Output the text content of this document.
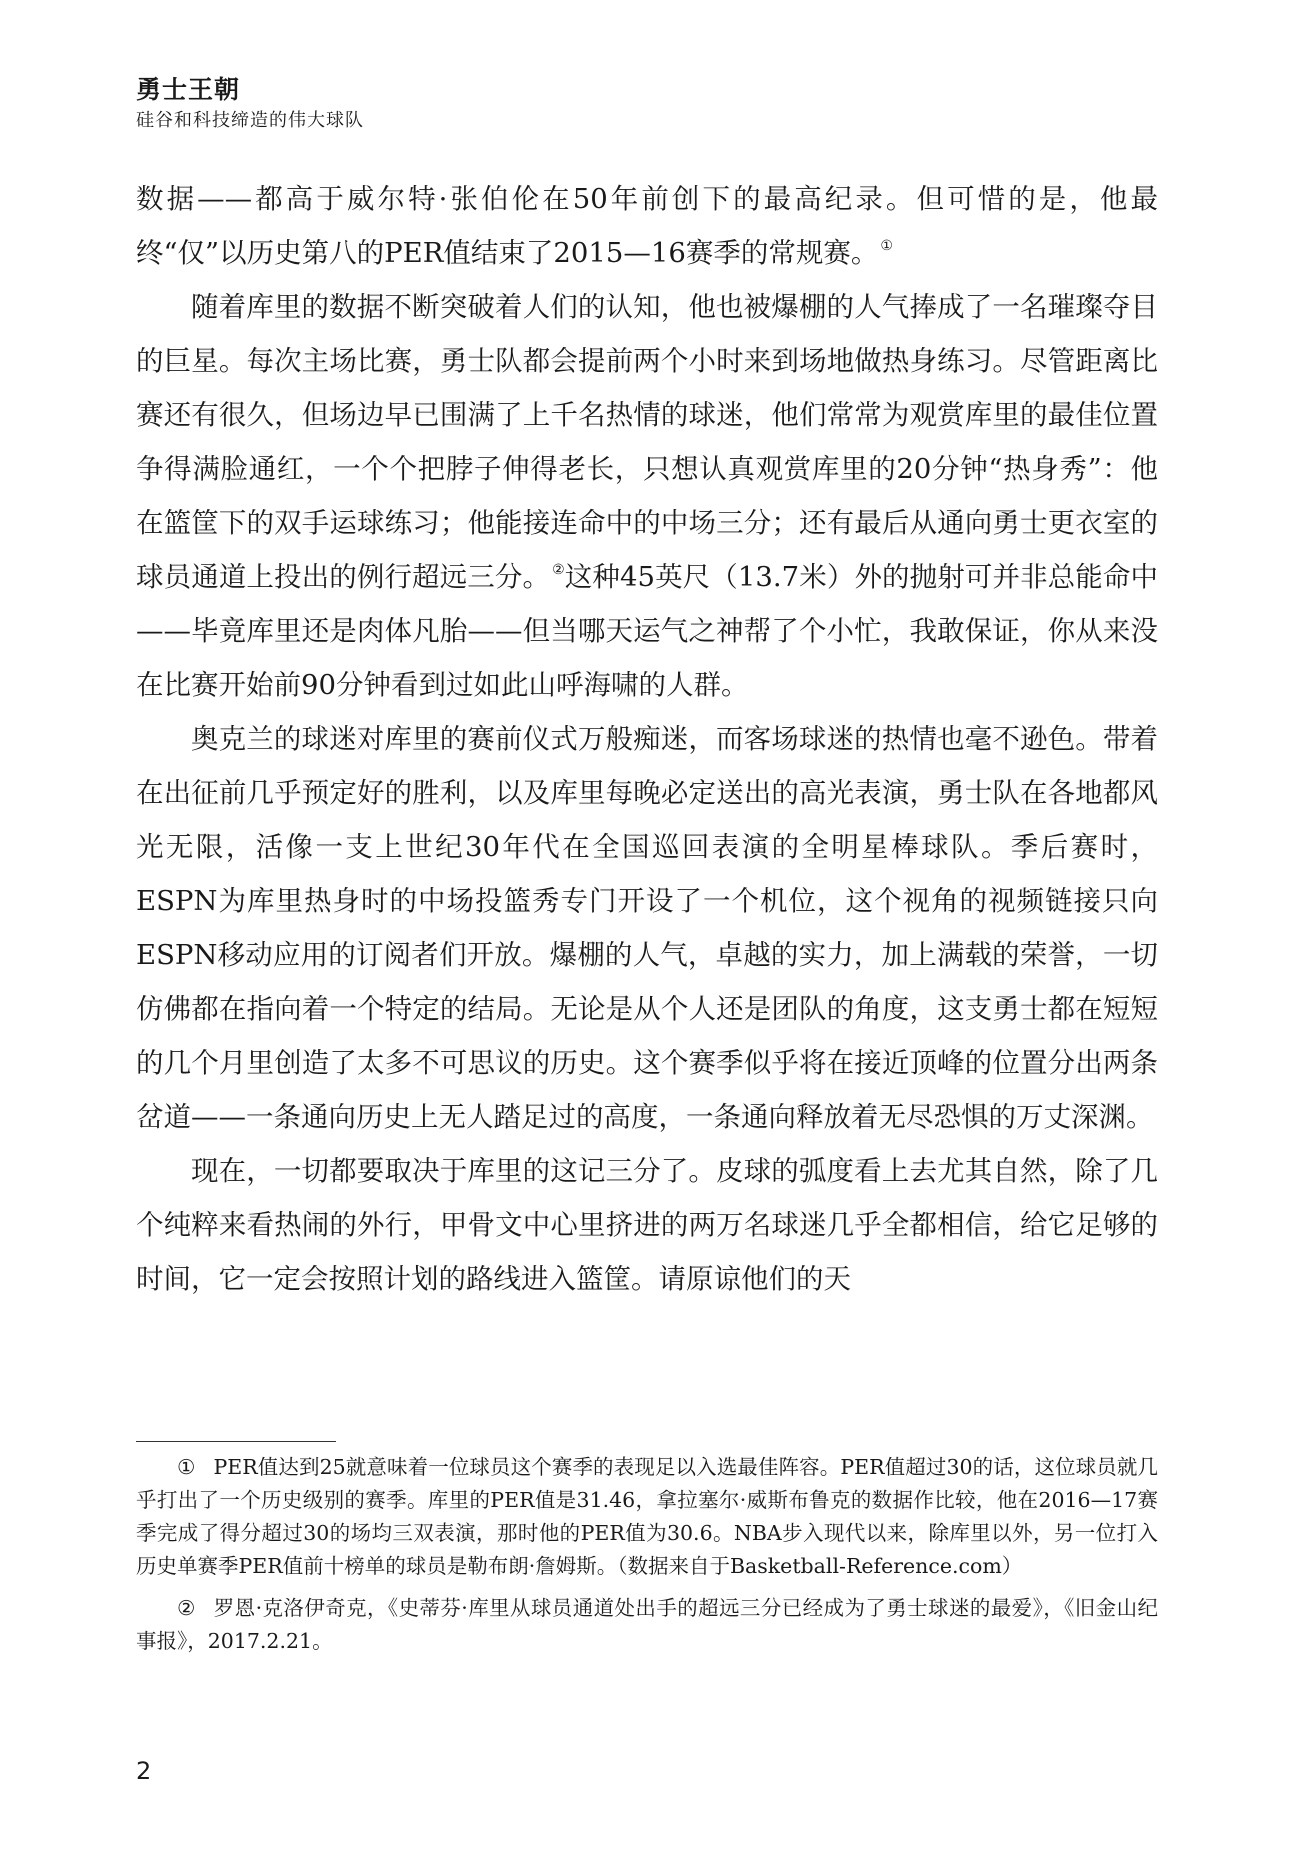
勇士王朝
硅谷和科技缔造的伟大球队

数据——都高于威尔特·张伯伦在50年前创下的最高纪录。但可惜的是，他最终“仅”以历史第八的PER值结束了2015—16赛季的常规赛。 ①

随着库里的数据不断突破着人们的认知，他也被爆棚的人气捧成了一名璀璨夺目的巨星。每次主场比赛，勇士队都会提前两个小时来到场地做热身练习。尽管距离比赛还有很久，但场边早已围满了上千名热情的球迷，他们常常为观赏库里的最佳位置争得满脸通红，一个个把脖子伸得老长，只想认真观赏库里的20分钟“热身秀”：他在篮筐下的双手运球练习；他能接连命中的中场三分；还有最后从通向勇士更衣室的球员通道上投出的例行超远三分。 ②这种45英尺（13.7米）外的抛射可并非总能命中——毕竟库里还是肉体凡胎——但当哪天运气之神帮了个小忙，我敢保证，你从来没在比赛开始前90分钟看到过如此山呼海啸的人群。

奥克兰的球迷对库里的赛前仪式万般痴迷，而客场球迷的热情也毫不逊色。带着在出征前几乎预定好的胜利，以及库里每晚必定送出的高光表演，勇士队在各地都风光无限，活像一支上世纪30年代在全国巡回表演的全明星棒球队。季后赛时，ESPN为库里热身时的中场投篮秀专门开设了一个机位，这个视角的视频链接只向ESPN移动应用的订阅者们开放。爆棚的人气，卓越的实力，加上满载的荣誉，一切仿佛都在指向着一个特定的结局。无论是从个人还是团队的角度，这支勇士都在短短的几个月里创造了太多不可思议的历史。这个赛季似乎将在接近顶峰的位置分出两条岔道——一条通向历史上无人踏足过的高度，一条通向释放着无尽恐惧的万丈深渊。

现在，一切都要取决于库里的这记三分了。皮球的弧度看上去尤其自然，除了几个纯粹来看热闹的外行，甲骨文中心里挤进的两万名球迷几乎全都相信，给它足够的时间，它一定会按照计划的路线进入篮筐。请原谅他们的天

① PER值达到25就意味着一位球员这个赛季的表现足以入选最佳阵容。PER值超过30的话，这位球员就几乎打出了一个历史级别的赛季。库里的PER值是31.46，拿拉塞尔·威斯布鲁克的数据作比较，他在2016—17赛季完成了得分超过30的场均三双表演，那时他的PER值为30.6。NBA步入现代以来，除库里以外，另一位打入历史单赛季PER值前十榜单的球员是勒布朗·詹姆斯。（数据来自于Basketball-Reference.com）

② 罗恩·克洛伊奇克，《史蒂芬·库里从球员通道处出手的超远三分已经成为了勇士球迷的最爱》，《旧金山纪事报》，2017.2.21。

2
